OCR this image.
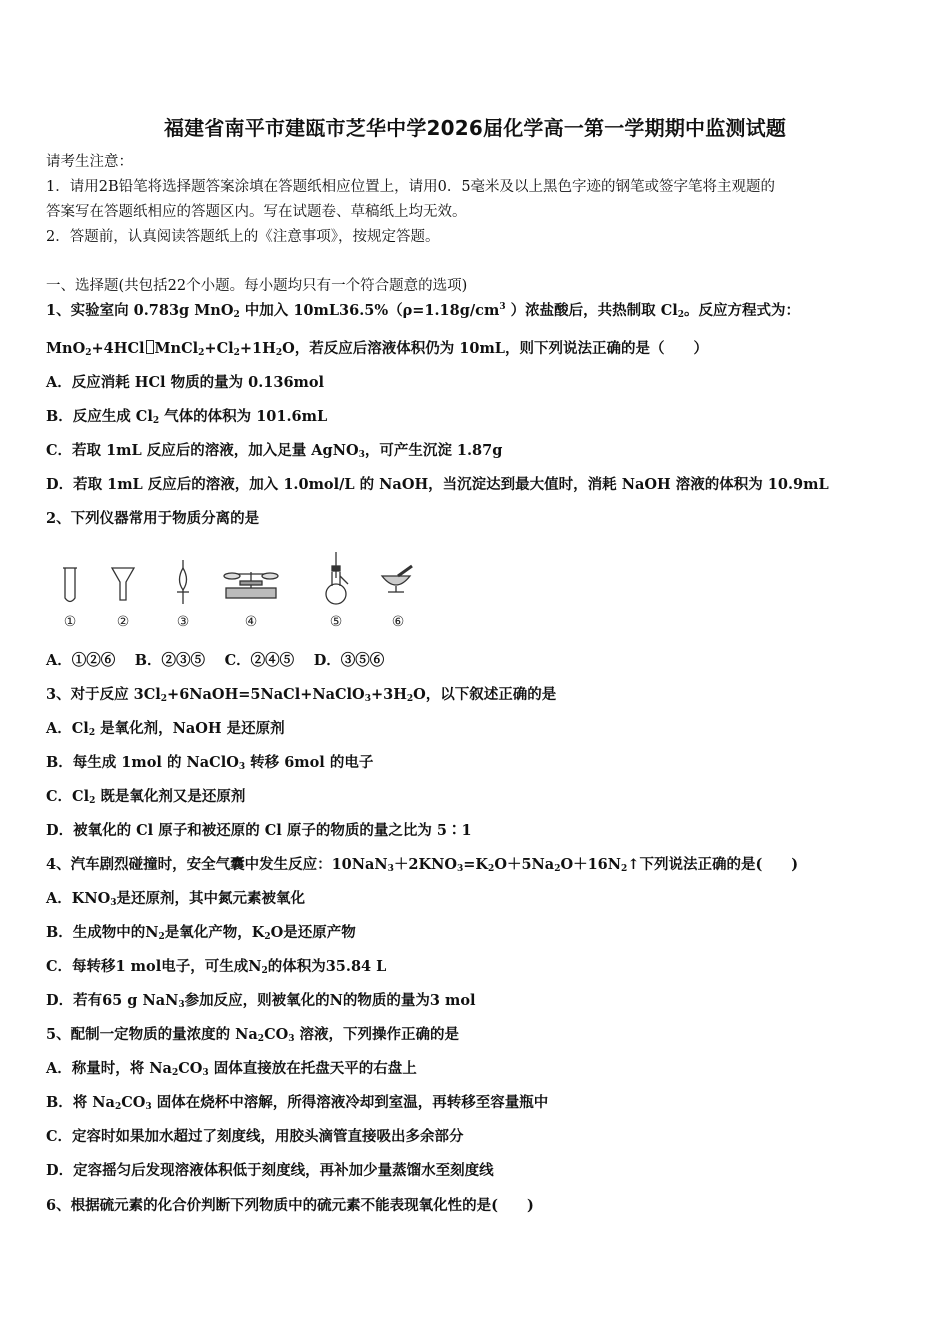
福建省南平市建瓯市芝华中学2026届化学高一第一学期期中监测试题
请考生注意：
1．请用2B铅笔将选择题答案涂填在答题纸相应位置上，请用0．5毫米及以上黑色字迹的钢笔或签字笔将主观题的
答案写在答题纸相应的答题区内。写在试题卷、草稿纸上均无效。
2．答题前，认真阅读答题纸上的《注意事项》，按规定答题。
一、选择题(共包括22个小题。每小题均只有一个符合题意的选项)
1、实验室向 0.783g MnO$_2$ 中加入 $10mL36.5\%(\rho=1.18g/cm^3$ ）浓盐酸后，共热制取 $Cl_2$。反应方程式为：
MnO$_2$+4HCl $MnCl_2+Cl_2+1H_2O$，若反应后溶液体积仍为 10mL，则下列说法正确的是（　　）
A．反应消耗 HCl 物质的量为 0.136mol
B．反应生成 $Cl_2$ 气体的体积为 101.6mL
C．若取 1mL 反应后的溶液，加入足量 AgNO$_3$，可产生沉淀 1.87g
D．若取 1mL 反应后的溶液，加入 1.0mol/L 的 NaOH，当沉淀达到最大值时，消耗 NaOH 溶液的体积为 10.9mL
2、下列仪器常用于物质分离的是
①	②	③	④	⑤	⑥
A．①②⑥　 B．②③⑤　 C．②④⑤　 D．③⑤⑥
3、对于反应 $3Cl_2+6NaOH=5NaCl+NaClO_3+3H_2O$，以下叙述正确的是
A．$Cl_2$ 是氧化剂，NaOH 是还原剂
B．每生成 1mol 的 NaClO$_3$ 转移 6mol 的电子
C．$Cl_2$ 既是氧化剂又是还原剂
D．被氧化的 Cl 原子和被还原的 Cl 原子的物质的量之比为 5∶1
4、汽车剧烈碰撞时，安全气囊中发生反应：$10NaN_3+2KNO_3=K_2O+5Na_2O+16N_2↑$下列说法正确的是(　　)
A．$KNO_3$是还原剂，其中氮元素被氧化
B．生成物中的$N_2$是氧化产物，$K_2O$是还原产物
C．每转移1 mol电子，可生成$N_2$的体积为35.84 L
D．若有65 g NaN$_3$参加反应，则被氧化的N的物质的量为3 mol
5、配制一定物质的量浓度的 $Na_2CO_3$ 溶液，下列操作正确的是
A．称量时，将 $Na_2CO_3$ 固体直接放在托盘天平的右盘上
B．将 $Na_2CO_3$ 固体在烧杯中溶解，所得溶液冷却到室温，再转移至容量瓶中
C．定容时如果加水超过了刻度线，用胶头滴管直接吸出多余部分
D．定容摇匀后发现溶液体积低于刻度线，再补加少量蒸馏水至刻度线
6、根据硫元素的化合价判断下列物质中的硫元素不能表现氧化性的是(　　)
